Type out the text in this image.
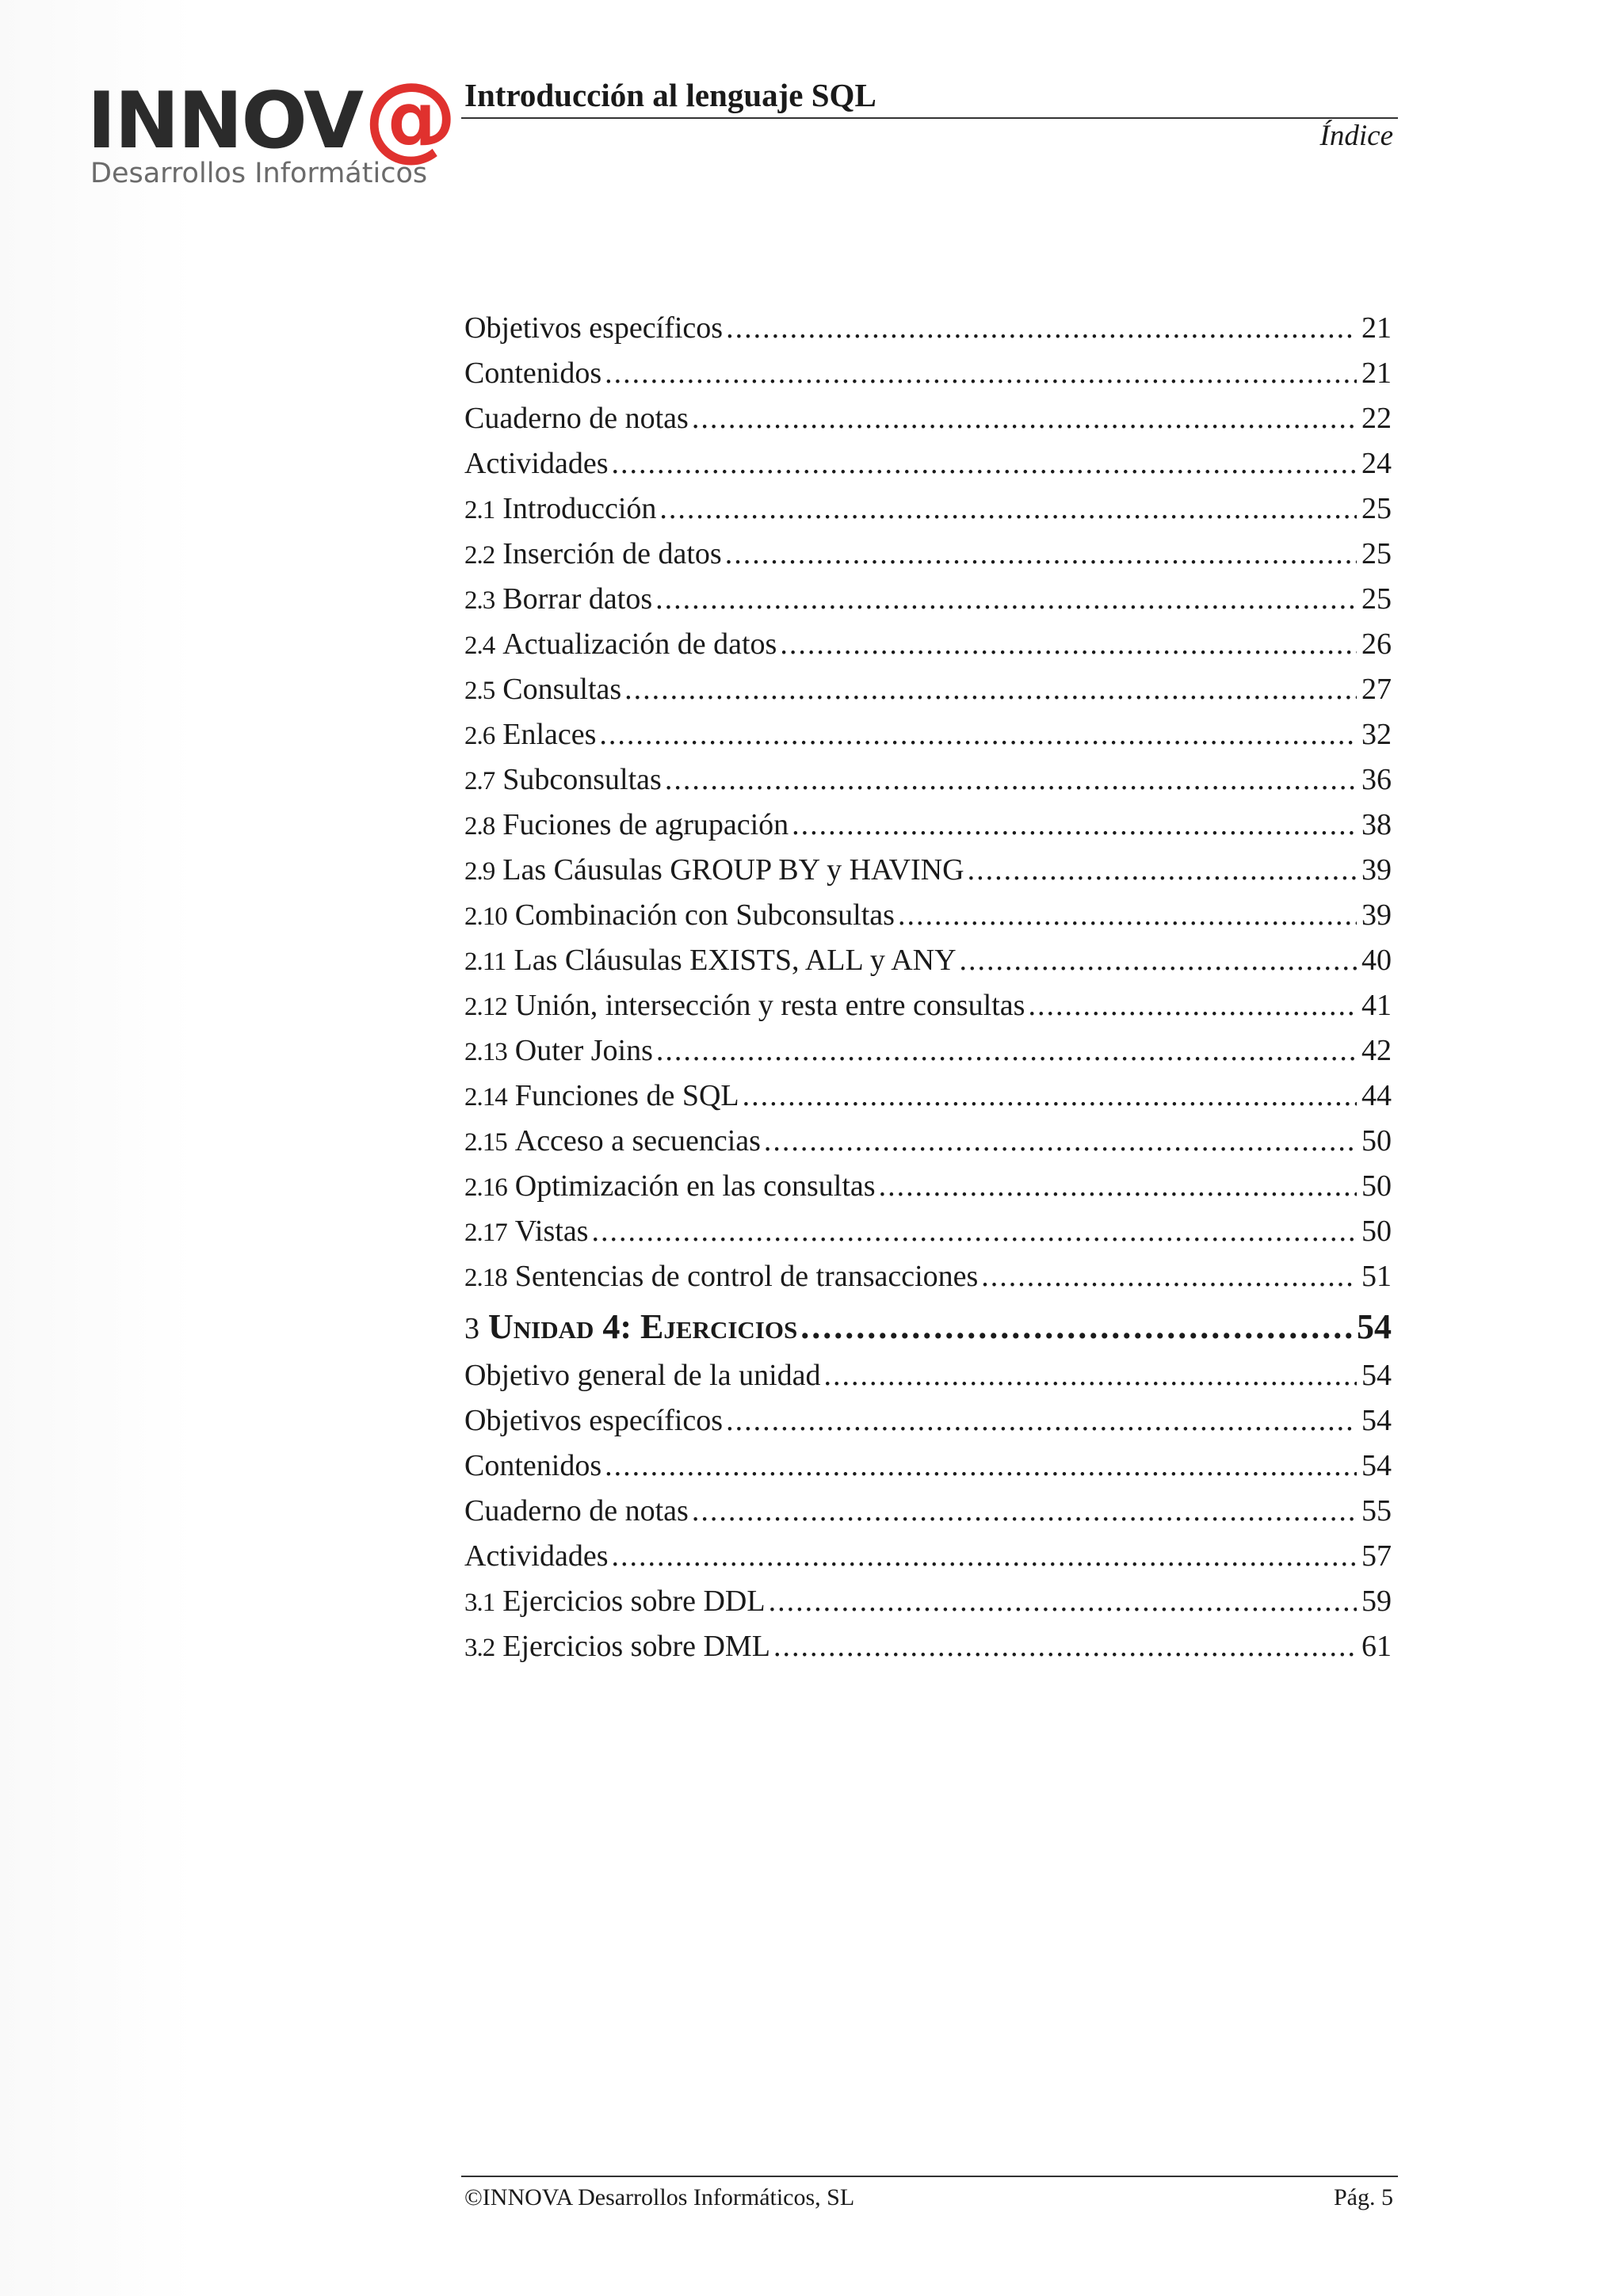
INNOV @
Desarrollos Informáticos
Introducción al lenguaje SQL
Índice
Objetivos específicos .....	21
Contenidos .....	21
Cuaderno de notas .....	22
Actividades .....	24
2.1 Introducción .....	25
2.2 Inserción de datos .....	25
2.3 Borrar datos .....	25
2.4 Actualización de datos .....	26
2.5 Consultas .....	27
2.6 Enlaces .....	32
2.7 Subconsultas .....	36
2.8 Fuciones de agrupación .....	38
2.9 Las Cáusulas GROUP BY y HAVING .....	39
2.10 Combinación con Subconsultas .....	39
2.11 Las Cláusulas EXISTS, ALL y ANY .....	40
2.12 Unión, intersección y resta entre consultas .....	41
2.13 Outer Joins .....	42
2.14 Funciones de SQL .....	44
2.15 Acceso a secuencias .....	50
2.16 Optimización en las consultas .....	50
2.17 Vistas .....	50
2.18 Sentencias de control de transacciones .....	51
3 Unidad 4: Ejercicios .....	54
Objetivo general de la unidad .....	54
Objetivos específicos .....	54
Contenidos .....	54
Cuaderno de notas .....	55
Actividades .....	57
3.1 Ejercicios sobre DDL .....	59
3.2 Ejercicios sobre DML .....	61
©INNOVA Desarrollos Informáticos, SL	Pág. 5
